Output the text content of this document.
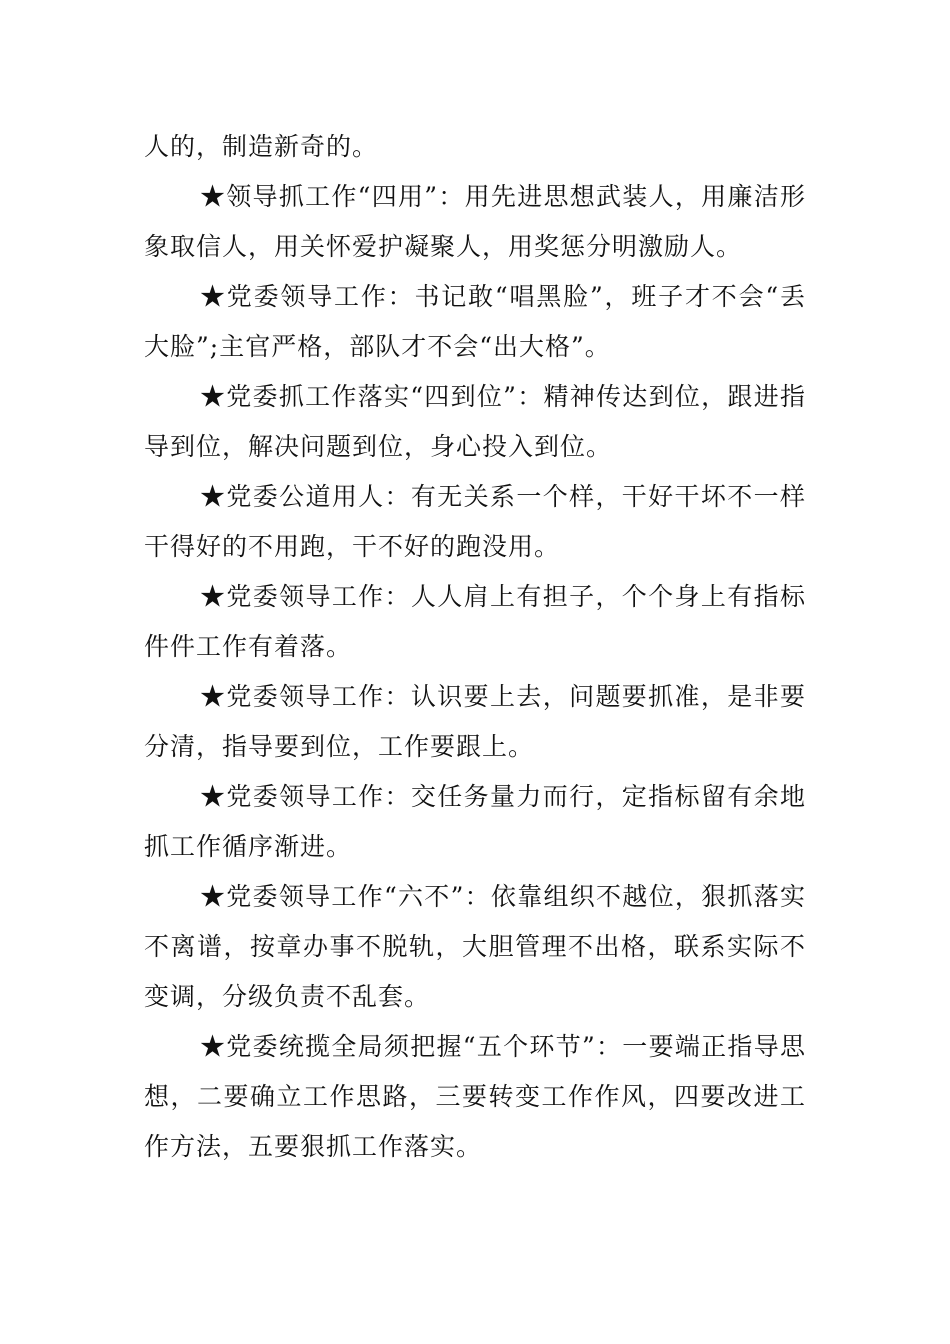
人的，制造新奇的。

★领导抓工作“四用”：用先进思想武装人，用廉洁形象取信人，用关怀爱护凝聚人，用奖惩分明激励人。

★党委领导工作：书记敢“唱黑脸”，班子才不会“丢大脸”;主官严格，部队才不会“出大格”。

★党委抓工作落实“四到位”：精神传达到位，跟进指导到位，解决问题到位，身心投入到位。

★党委公道用人：有无关系一个样，干好干坏不一样干得好的不用跑，干不好的跑没用。

★党委领导工作：人人肩上有担子，个个身上有指标件件工作有着落。

★党委领导工作：认识要上去，问题要抓准，是非要分清，指导要到位，工作要跟上。

★党委领导工作：交任务量力而行，定指标留有余地抓工作循序渐进。

★党委领导工作“六不”：依靠组织不越位，狠抓落实不离谱，按章办事不脱轨，大胆管理不出格，联系实际不变调，分级负责不乱套。

★党委统揽全局须把握“五个环节”：一要端正指导思想，二要确立工作思路，三要转变工作作风，四要改进工作方法，五要狠抓工作落实。
